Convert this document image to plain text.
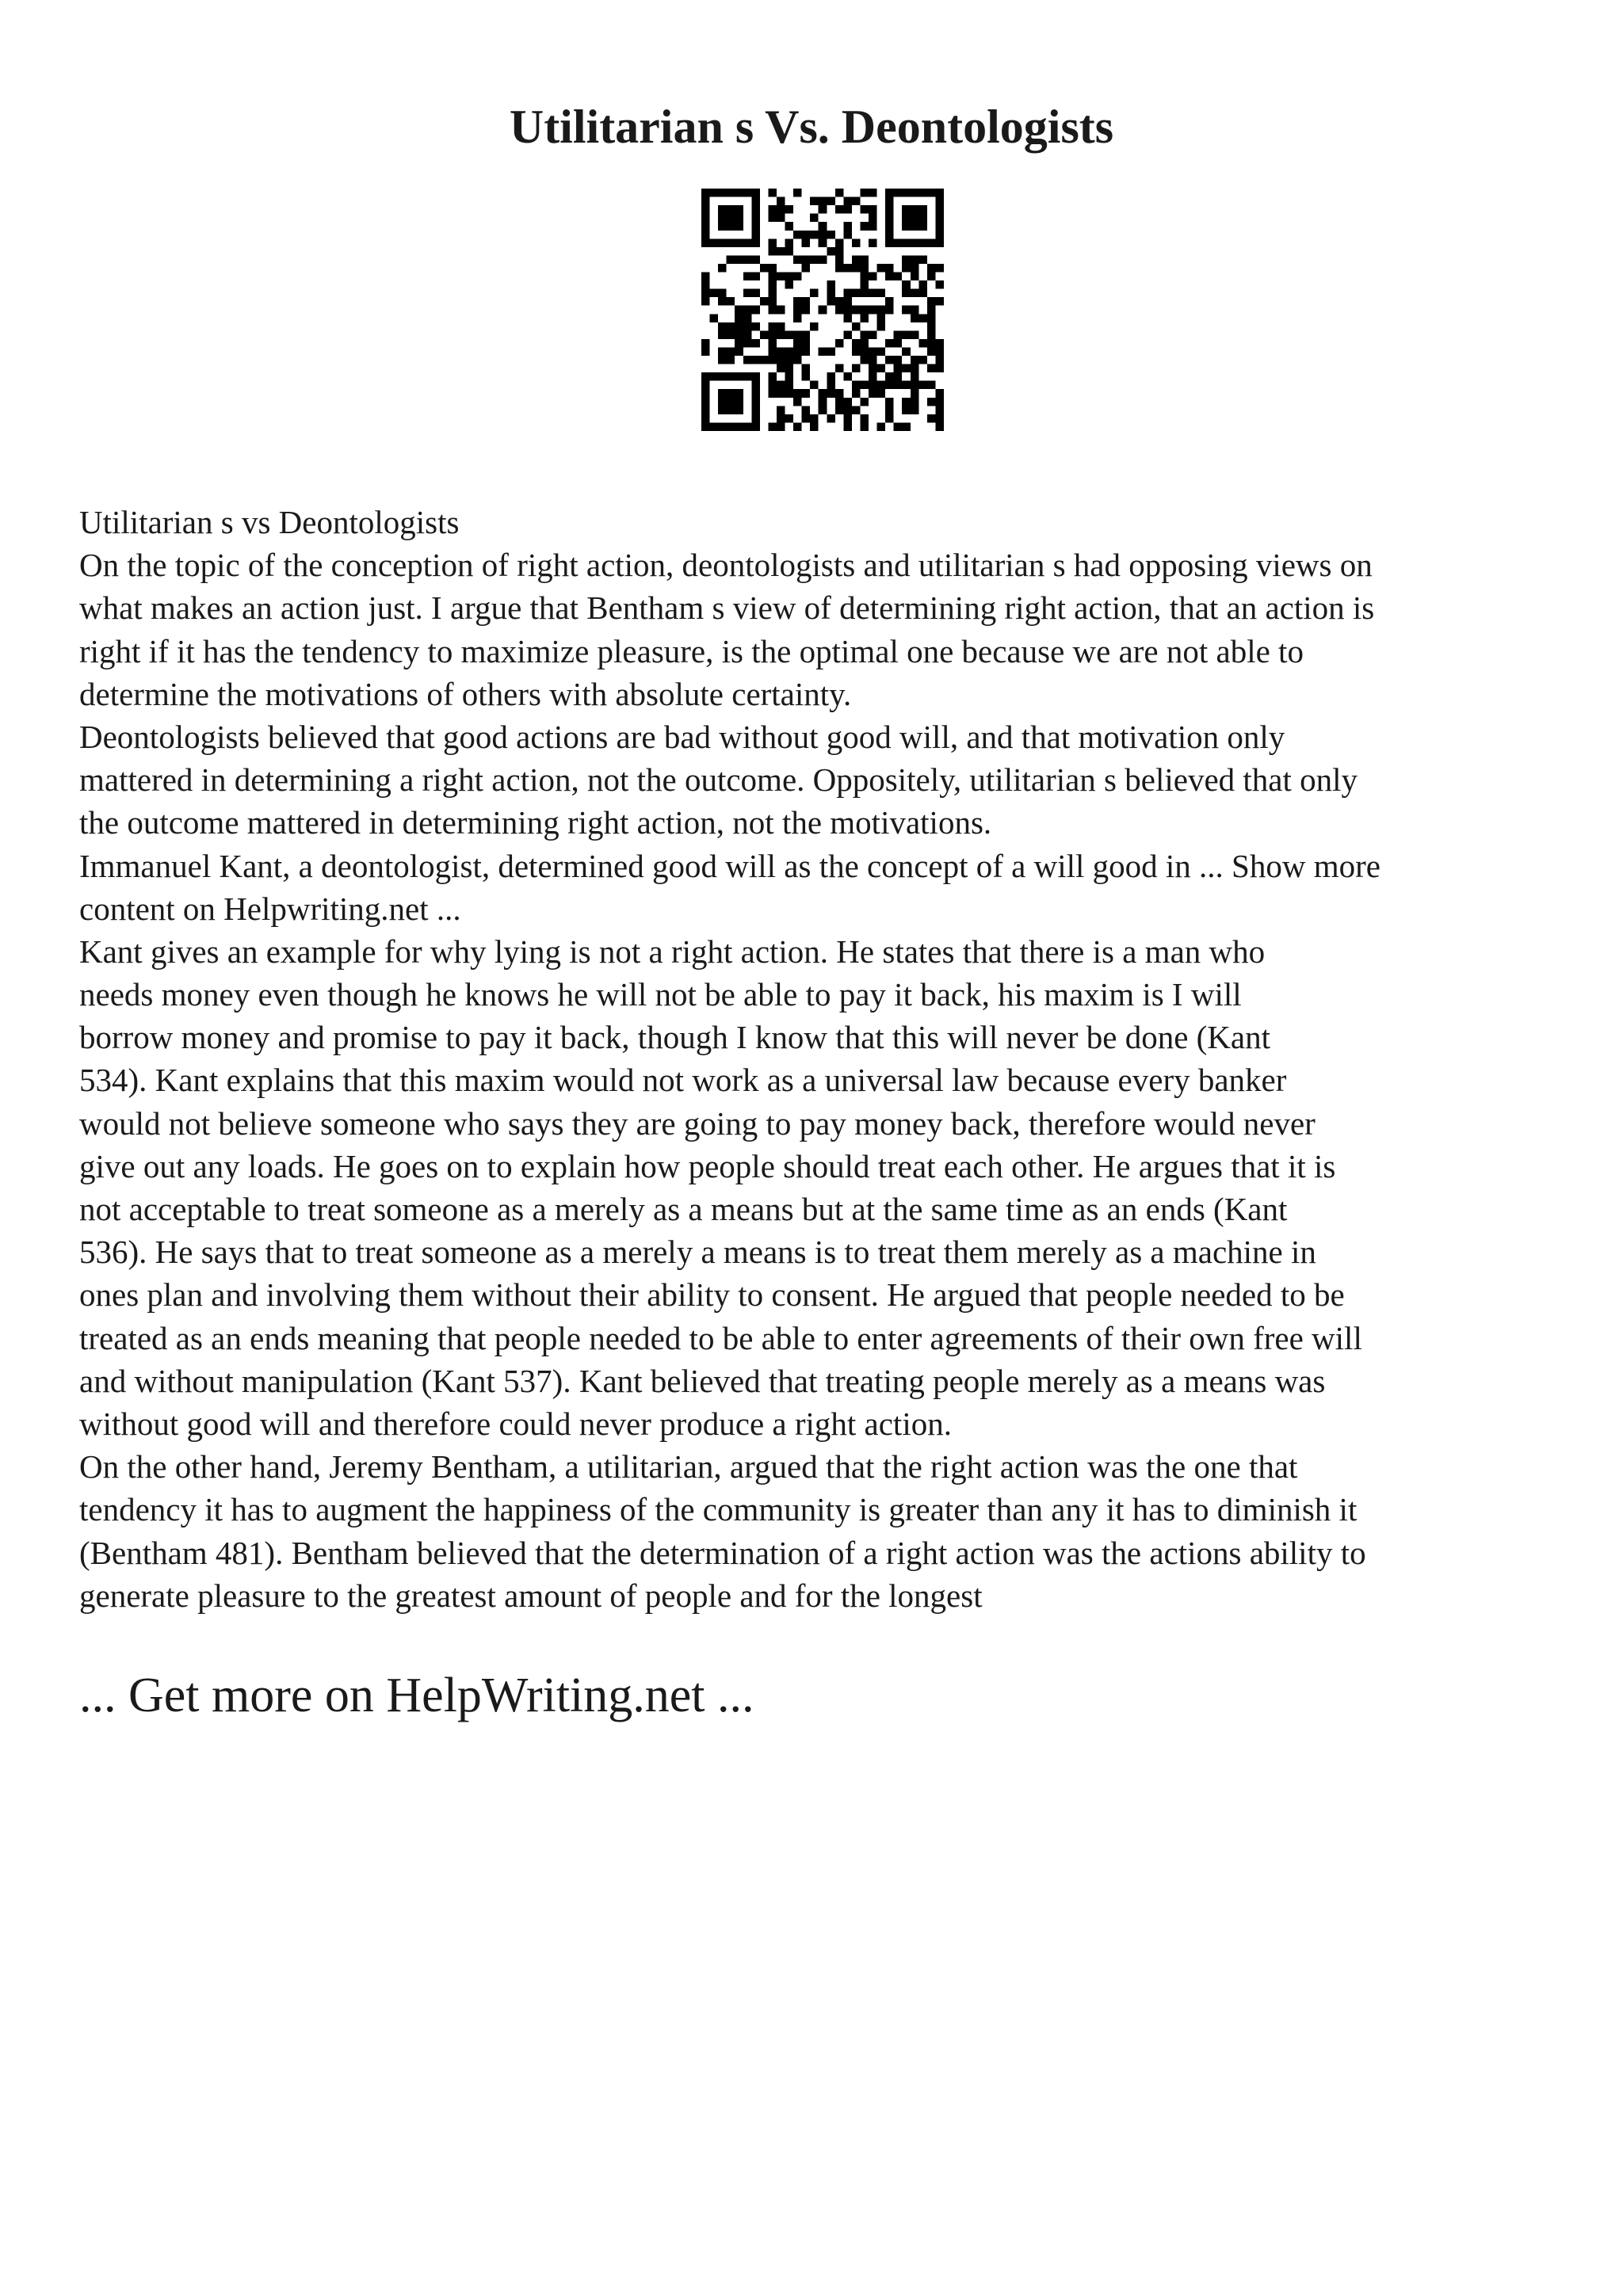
Utilitarian s Vs. Deontologists
Utilitarian s vs Deontologists
On the topic of the conception of right action, deontologists and utilitarian s had opposing views on
what makes an action just. I argue that Bentham s view of determining right action, that an action is
right if it has the tendency to maximize pleasure, is the optimal one because we are not able to
determine the motivations of others with absolute certainty.
Deontologists believed that good actions are bad without good will, and that motivation only
mattered in determining a right action, not the outcome. Oppositely, utilitarian s believed that only
the outcome mattered in determining right action, not the motivations.
Immanuel Kant, a deontologist, determined good will as the concept of a will good in ... Show more
content on Helpwriting.net ...
Kant gives an example for why lying is not a right action. He states that there is a man who
needs money even though he knows he will not be able to pay it back, his maxim is I will
borrow money and promise to pay it back, though I know that this will never be done (Kant
534). Kant explains that this maxim would not work as a universal law because every banker
would not believe someone who says they are going to pay money back, therefore would never
give out any loads. He goes on to explain how people should treat each other. He argues that it is
not acceptable to treat someone as a merely as a means but at the same time as an ends (Kant
536). He says that to treat someone as a merely a means is to treat them merely as a machine in
ones plan and involving them without their ability to consent. He argued that people needed to be
treated as an ends meaning that people needed to be able to enter agreements of their own free will
and without manipulation (Kant 537). Kant believed that treating people merely as a means was
without good will and therefore could never produce a right action.
On the other hand, Jeremy Bentham, a utilitarian, argued that the right action was the one that
tendency it has to augment the happiness of the community is greater than any it has to diminish it
(Bentham 481). Bentham believed that the determination of a right action was the actions ability to
generate pleasure to the greatest amount of people and for the longest
... Get more on HelpWriting.net ...
